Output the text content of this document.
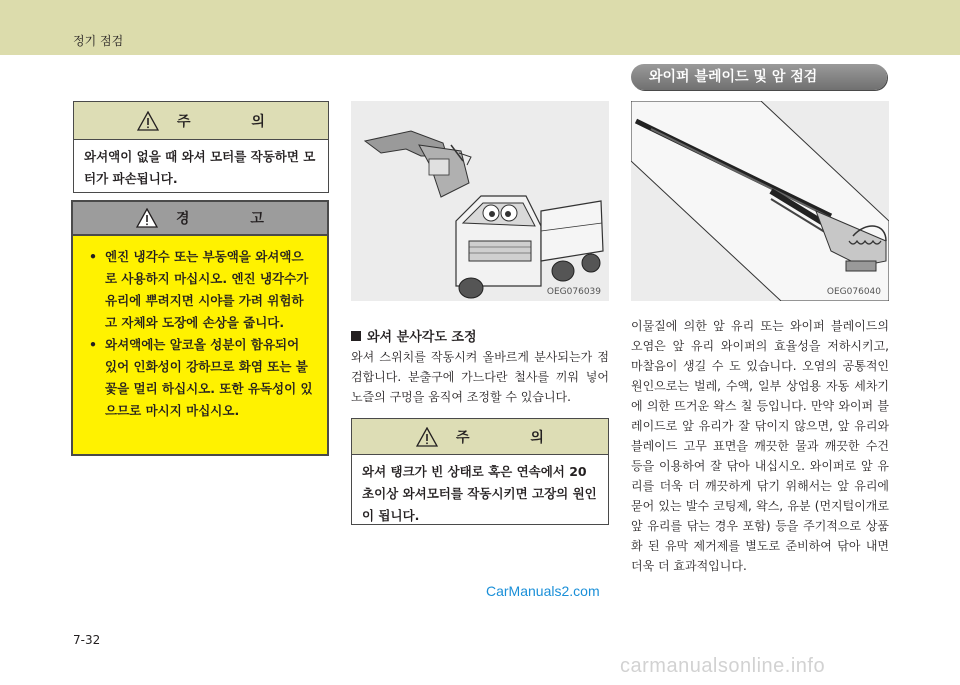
정기 점검
주 의
와셔액이 없을 때 와셔 모터를 작동하면 모터가 파손됩니다.
경 고
• 엔진 냉각수 또는 부동액을 와셔액으로 사용하지 마십시오. 엔진 냉각수가 유리에 뿌려지면 시야를 가려 위험하고 자체와 도장에 손상을 줍니다.
• 와셔액에는 알코올 성분이 함유되어 있어 인화성이 강하므로 화염 또는 불꽃을 멀리 하십시오. 또한 유독성이 있으므로 마시지 마십시오.
OEG076039	OEG076040
와이퍼 블레이드 및 암 점검
와셔 분사각도 조정
와셔 스위치를 작동시켜 올바르게 분사되는가 점검합니다. 분출구에 가느다란 철사를 끼워 넣어 노즐의 구멍을 움직여 조정할 수 있습니다.
주 의
와셔 탱크가 빈 상태로 혹은 연속에서 20초이상 와셔모터를 작동시키면 고장의 원인이 됩니다.
이물질에 의한 앞 유리 또는 와이퍼 블레이드의 오염은 앞 유리 와이퍼의 효율성을 저하시키고, 마찰음이 생길 수 도 있습니다. 오염의 공통적인 원인으로는 벌레, 수액, 일부 상업용 자동 세차기에 의한 뜨거운 왁스 칠 등입니다. 만약 와이퍼 블레이드로 앞 유리가 잘 닦이지 않으면, 앞 유리와 블레이드 고무 표면을 깨끗한 물과 깨끗한 수건 등을 이용하여 잘 닦아 내십시오. 와이퍼로 앞 유리를 더욱 더 깨끗하게 닦기 위해서는 앞 유리에 묻어 있는 발수 코팅제, 왁스, 유분 (먼지털이개로 앞 유리를 닦는 경우 포함) 등을 주기적으로 상품화 된 유막 제거제를 별도로 준비하여 닦아 내면 더욱 더 효과적입니다.
CarManuals2.com
7-32
carmanualsonline.info
